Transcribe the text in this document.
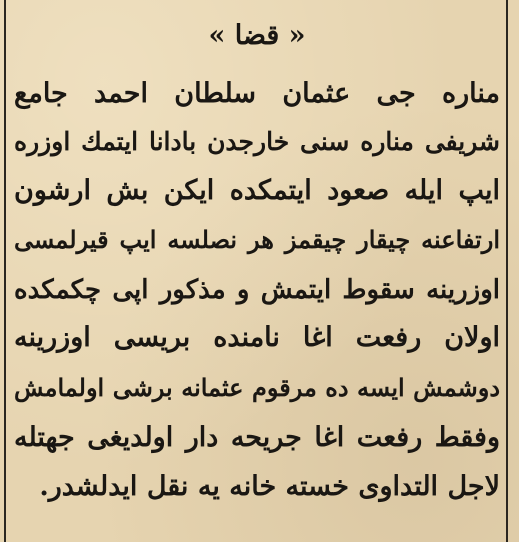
« قضا »
مناره جی عثمان سلطان احمد جامع
شریفی مناره سنی خارجدن بادانا ایتمك اوزره
ایپ ایله صعود ایتمکده ایکن بش ارشون
ارتفاعنه چیقار چیقمز هر نصلسه ایپ قیرلمسی
اوزرینه سقوط ایتمش و مذکور اپی چکمکده
اولان رفعت اغا نامنده بریسی اوزرینه
دوشمش ایسه ده مرقوم عثمانه برشی اولمامش
وفقط رفعت اغا جریحه دار اولدیغی جهتله
لاجل التداوی خسته خانه یه نقل ایدلشدر.
